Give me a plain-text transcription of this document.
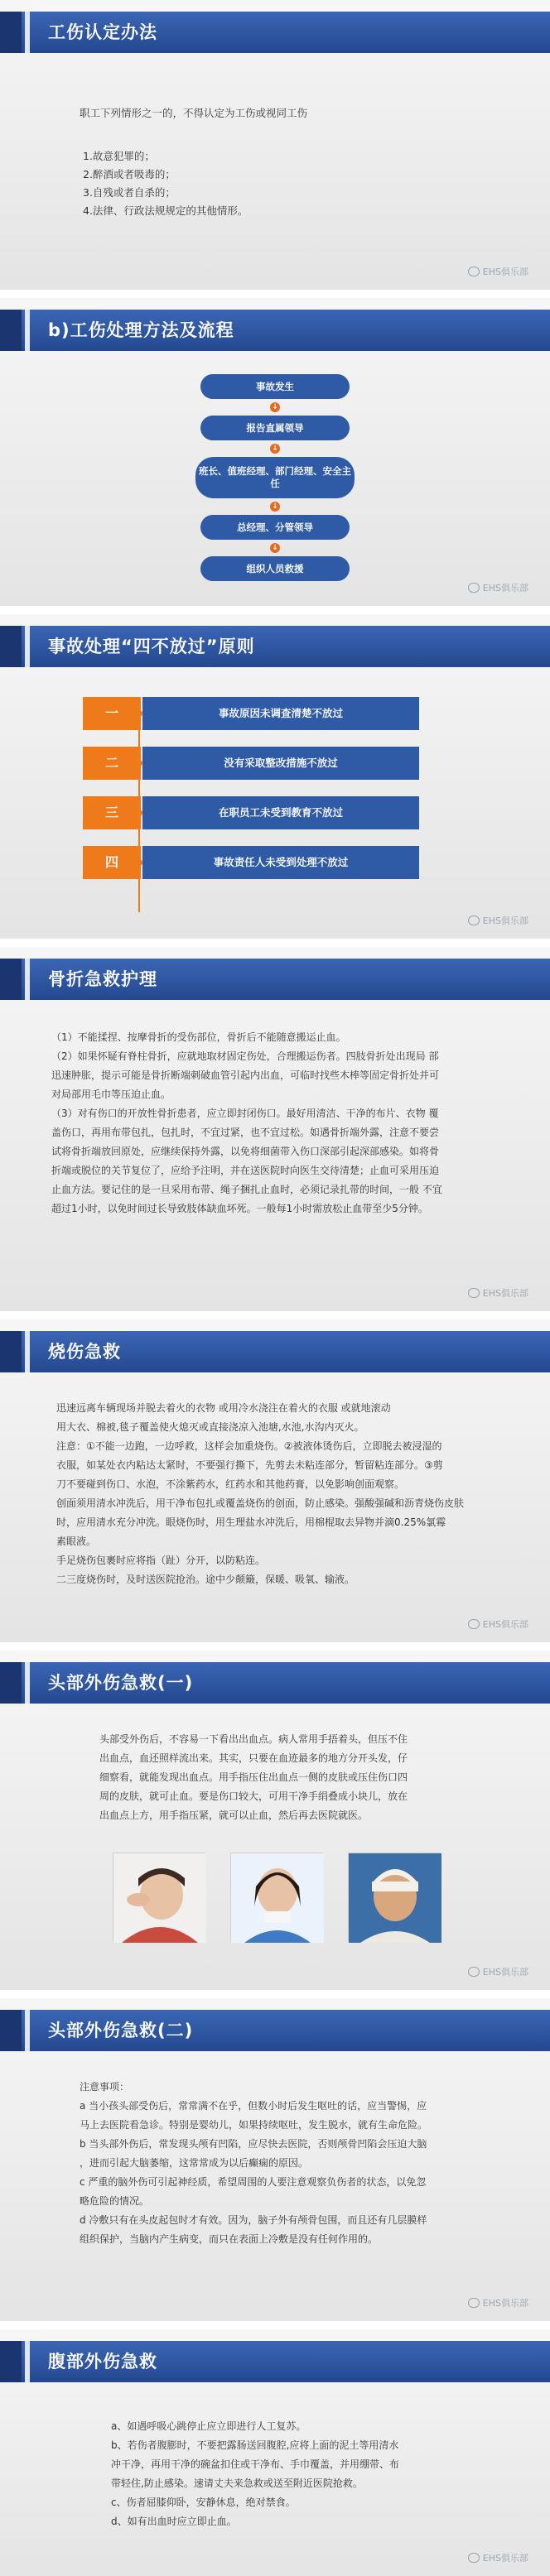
工伤认定办法
职工下列情形之一的，不得认定为工伤或视同工伤
1.故意犯罪的；
2.醉酒或者吸毒的；
3.自残或者自杀的；
4.法律、行政法规规定的其他情形。
EHS俱乐部
b)工伤处理方法及流程
事故发生
↓
报告直属领导
↓
班长、值班经理、部门经理、安全主任
↓
总经理、分管领导
↓
组织人员救援
EHS俱乐部
事故处理“四不放过”原则
一	事故原因未调查清楚不放过
二	没有采取整改措施不放过
三	在职员工未受到教育不放过
四	事故责任人未受到处理不放过
EHS俱乐部
骨折急救护理
（1）不能揉捏、按摩骨折的受伤部位，骨折后不能随意搬运止血。
（2）如果怀疑有脊柱骨折，应就地取材固定伤处，合理搬运伤者。四肢骨折处出现局 部
迅速肿胀，提示可能是骨折断端刺破血管引起内出血，可临时找些木棒等固定骨折处并可
对局部用毛巾等压迫止血。
（3）对有伤口的开放性骨折患者，应立即封闭伤口。最好用清洁、干净的布片、衣物 覆
盖伤口，再用布带包扎，包扎时，不宜过紧，也不宜过松。如遇骨折端外露，注意不要尝
试将骨折端放回原处，应继续保持外露，以免将细菌带入伤口深部引起深部感染。如将骨
折端或脱位的关节复位了，应给予注明，并在送医院时向医生交待清楚；止血可采用压迫
止血方法。要记住的是一旦采用布带、绳子捆扎止血时，必须记录扎带的时间，一般 不宜
超过1小时，以免时间过长导致肢体缺血坏死。一般每1小时需放松止血带至少5分钟。
EHS俱乐部
烧伤急救
迅速远离车辆现场并脱去着火的衣物 或用冷水浇注在着火的衣服 或就地滚动
用大衣、棉被,毯子覆盖使火熄灭或直接浇凉入池塘,水池,水沟内灭火。
注意：①不能一边跑，一边呼救，这样会加重烧伤。②被液体烫伤后，立即脱去被浸湿的
衣服，如某处衣内粘达太紧时，不要强行撕下，先剪去未粘连部分，暂留粘连部分。③剪
刀不要碰到伤口、水泡，不涂紫药水，红药水和其他药膏，以免影响创面观察。
创面须用清水冲洗后，用干净布包扎或覆盖烧伤的创面，防止感染。强酸强碱和沥青烧伤皮肤
时，应用清水充分冲洗。眼烧伤时，用生理盐水冲洗后，用棉棍取去异物并滴0.25%氯霉
素眼液。
手足烧伤包裹时应将指（趾）分开，以防粘连。
二三度烧伤时，及时送医院抢治。途中少颠簸，保暖、吸氧、输液。
EHS俱乐部
头部外伤急救(一)
头部受外伤后，不容易一下看出出血点。病人常用手捂着头，但压不住
出血点，血还照样流出来。其实，只要在血迹最多的地方分开头发，仔
细察看，就能发现出血点。用手指压住出血点一侧的皮肤或压住伤口四
周的皮肤，就可止血。要是伤口较大，可用干净手绢叠成小块儿，放在
出血点上方，用手指压紧，就可以止血，然后再去医院就医。
EHS俱乐部
头部外伤急救(二)
注意事项：
a 当小孩头部受伤后，常常满不在乎，但数小时后发生呕吐的话，应当警惕，应
马上去医院看急诊。特别是婴幼儿，如果持续呕吐，发生脱水，就有生命危险。
b 当头部外伤后，常发现头颅有凹陷，应尽快去医院，否则颅骨凹陷会压迫大脑
，进而引起大脑萎缩，这常常成为以后癫痫的原因。
c 严重的脑外伤可引起神经质，希望周围的人要注意观察负伤者的状态，以免忽
略危险的情况。
d 冷敷只有在头皮起包时才有效。因为，脑子外有颅骨包围，而且还有几层膜样
组织保护，当脑内产生病变，而只在表面上冷敷是没有任何作用的。
EHS俱乐部
腹部外伤急救
a、如遇呼吸心跳停止应立即进行人工复苏。
b、若伤者腹膨时，不要把露肠送回腹腔,应将上面的泥土等用清水
冲干净，再用干净的碗盆扣住或干净布、手巾覆盖，并用绷带、布
带轻住,防止感染。速请丈夫来急救或送至附近医院抢救。
c、伤者屈膝仰卧，安静休息，绝对禁食。
d、如有出血时应立即止血。
EHS俱乐部
